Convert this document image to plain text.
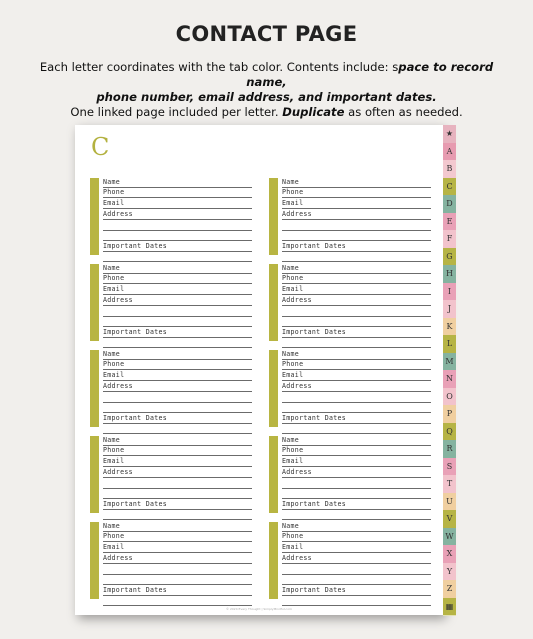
CONTACT PAGE
Each letter coordinates with the tab color. Contents include: space to record name,
phone number, email address, and important dates.
One linked page included per letter. Duplicate as often as needed.
C
© 2024 Every Thought | SimplyMindful.com
Name
Phone
Email
Address
Important Dates
Name
Phone
Email
Address
Important Dates
Name
Phone
Email
Address
Important Dates
Name
Phone
Email
Address
Important Dates
Name
Phone
Email
Address
Important Dates
Name
Phone
Email
Address
Important Dates
Name
Phone
Email
Address
Important Dates
Name
Phone
Email
Address
Important Dates
Name
Phone
Email
Address
Important Dates
Name
Phone
Email
Address
Important Dates
★
A
B
C
D
E
F
G
H
I
J
K
L
M
N
O
P
Q
R
S
T
U
V
W
X
Y
Z
▦
